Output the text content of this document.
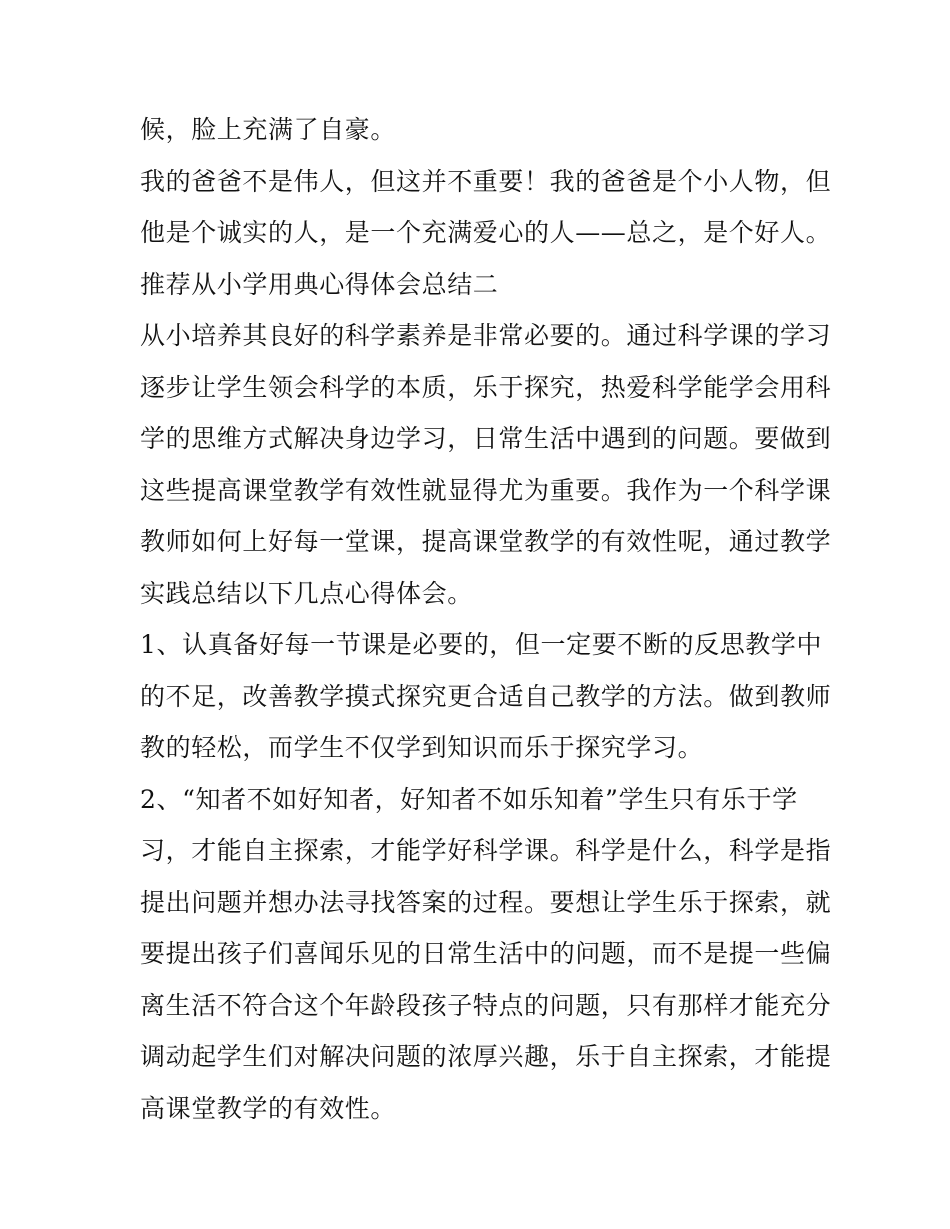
候，脸上充满了自豪。
我的爸爸不是伟人，但这并不重要！我的爸爸是个小人物，但
他是个诚实的人，是一个充满爱心的人——总之，是个好人。
推荐从小学用典心得体会总结二
从小培养其良好的科学素养是非常必要的。通过科学课的学习
逐步让学生领会科学的本质，乐于探究，热爱科学能学会用科
学的思维方式解决身边学习，日常生活中遇到的问题。要做到
这些提高课堂教学有效性就显得尤为重要。我作为一个科学课
教师如何上好每一堂课，提高课堂教学的有效性呢，通过教学
实践总结以下几点心得体会。
1、认真备好每一节课是必要的，但一定要不断的反思教学中
的不足，改善教学摸式探究更合适自己教学的方法。做到教师
教的轻松，而学生不仅学到知识而乐于探究学习。
2、“知者不如好知者，好知者不如乐知着”学生只有乐于学
习，才能自主探索，才能学好科学课。科学是什么，科学是指
提出问题并想办法寻找答案的过程。要想让学生乐于探索，就
要提出孩子们喜闻乐见的日常生活中的问题，而不是提一些偏
离生活不符合这个年龄段孩子特点的问题，只有那样才能充分
调动起学生们对解决问题的浓厚兴趣，乐于自主探索，才能提
高课堂教学的有效性。
